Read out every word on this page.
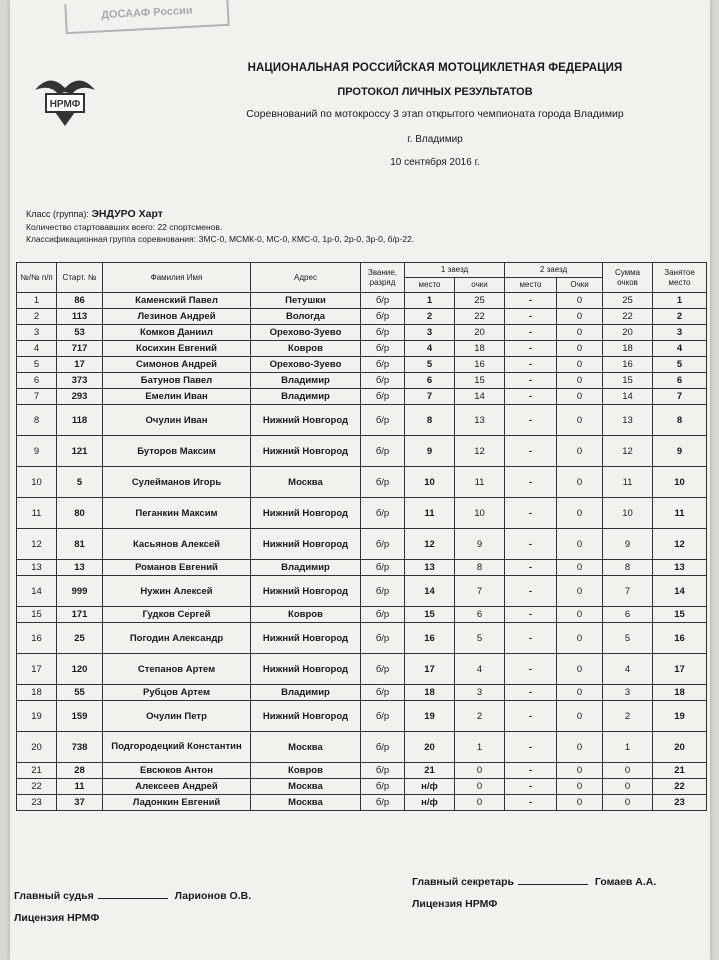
ДОСААФ России
НРМФ
НАЦИОНАЛЬНАЯ РОССИЙСКАЯ МОТОЦИКЛЕТНАЯ ФЕДЕРАЦИЯ
ПРОТОКОЛ ЛИЧНЫХ РЕЗУЛЬТАТОВ
Соревнований по мотокроссу 3 этап открытого чемпионата города Владимир
г. Владимир
10 сентября 2016 г.
Класс (группа): ЭНДУРО Харт
Количество стартовавших всего: 22 спортсменов.
Классификационная группа соревнования: ЗМС-0, МСМК-0, МС-0, КМС-0, 1р-0, 2р-0, 3р-0, б/р-22.
№/№ п/п	Старт. №	Фамилия Имя	Адрес	Звание, разряд	1 заезд		2 заезд		Сумма очков	Занятое место
					место	очки	место	Очки		
1	86	Каменский Павел	Петушки	б/р	1	25	-	0	25	1
2	113	Лезинов Андрей	Вологда	б/р	2	22	-	0	22	2
3	53	Комков Даниил	Орехово-Зуево	б/р	3	20	-	0	20	3
4	717	Косихин Евгений	Ковров	б/р	4	18	-	0	18	4
5	17	Симонов Андрей	Орехово-Зуево	б/р	5	16	-	0	16	5
6	373	Батунов Павел	Владимир	б/р	6	15	-	0	15	6
7	293	Емелин Иван	Владимир	б/р	7	14	-	0	14	7
8	118	Очулин Иван	Нижний Новгород	б/р	8	13	-	0	13	8
9	121	Буторов Максим	Нижний Новгород	б/р	9	12	-	0	12	9
10	5	Сулейманов Игорь	Москва	б/р	10	11	-	0	11	10
11	80	Пеганкин Максим	Нижний Новгород	б/р	11	10	-	0	10	11
12	81	Касьянов Алексей	Нижний Новгород	б/р	12	9	-	0	9	12
13	13	Романов Евгений	Владимир	б/р	13	8	-	0	8	13
14	999	Нужин Алексей	Нижний Новгород	б/р	14	7	-	0	7	14
15	171	Гудков Сергей	Ковров	б/р	15	6	-	0	6	15
16	25	Погодин Александр	Нижний Новгород	б/р	16	5	-	0	5	16
17	120	Степанов Артем	Нижний Новгород	б/р	17	4	-	0	4	17
18	55	Рубцов Артем	Владимир	б/р	18	3	-	0	3	18
19	159	Очулин Петр	Нижний Новгород	б/р	19	2	-	0	2	19
20	738	Подгородецкий Константин	Москва	б/р	20	1	-	0	1	20
21	28	Евсюков Антон	Ковров	б/р	21	0	-	0	0	21
22	11	Алексеев Андрей	Москва	б/р	н/ф	0	-	0	0	22
23	37	Ладонкин Евгений	Москва	б/р	н/ф	0	-	0	0	23
Главный судья	Ларионов О.В.
Лицензия НРМФ
Главный секретарь	Гомаев А.А.
Лицензия НРМФ
